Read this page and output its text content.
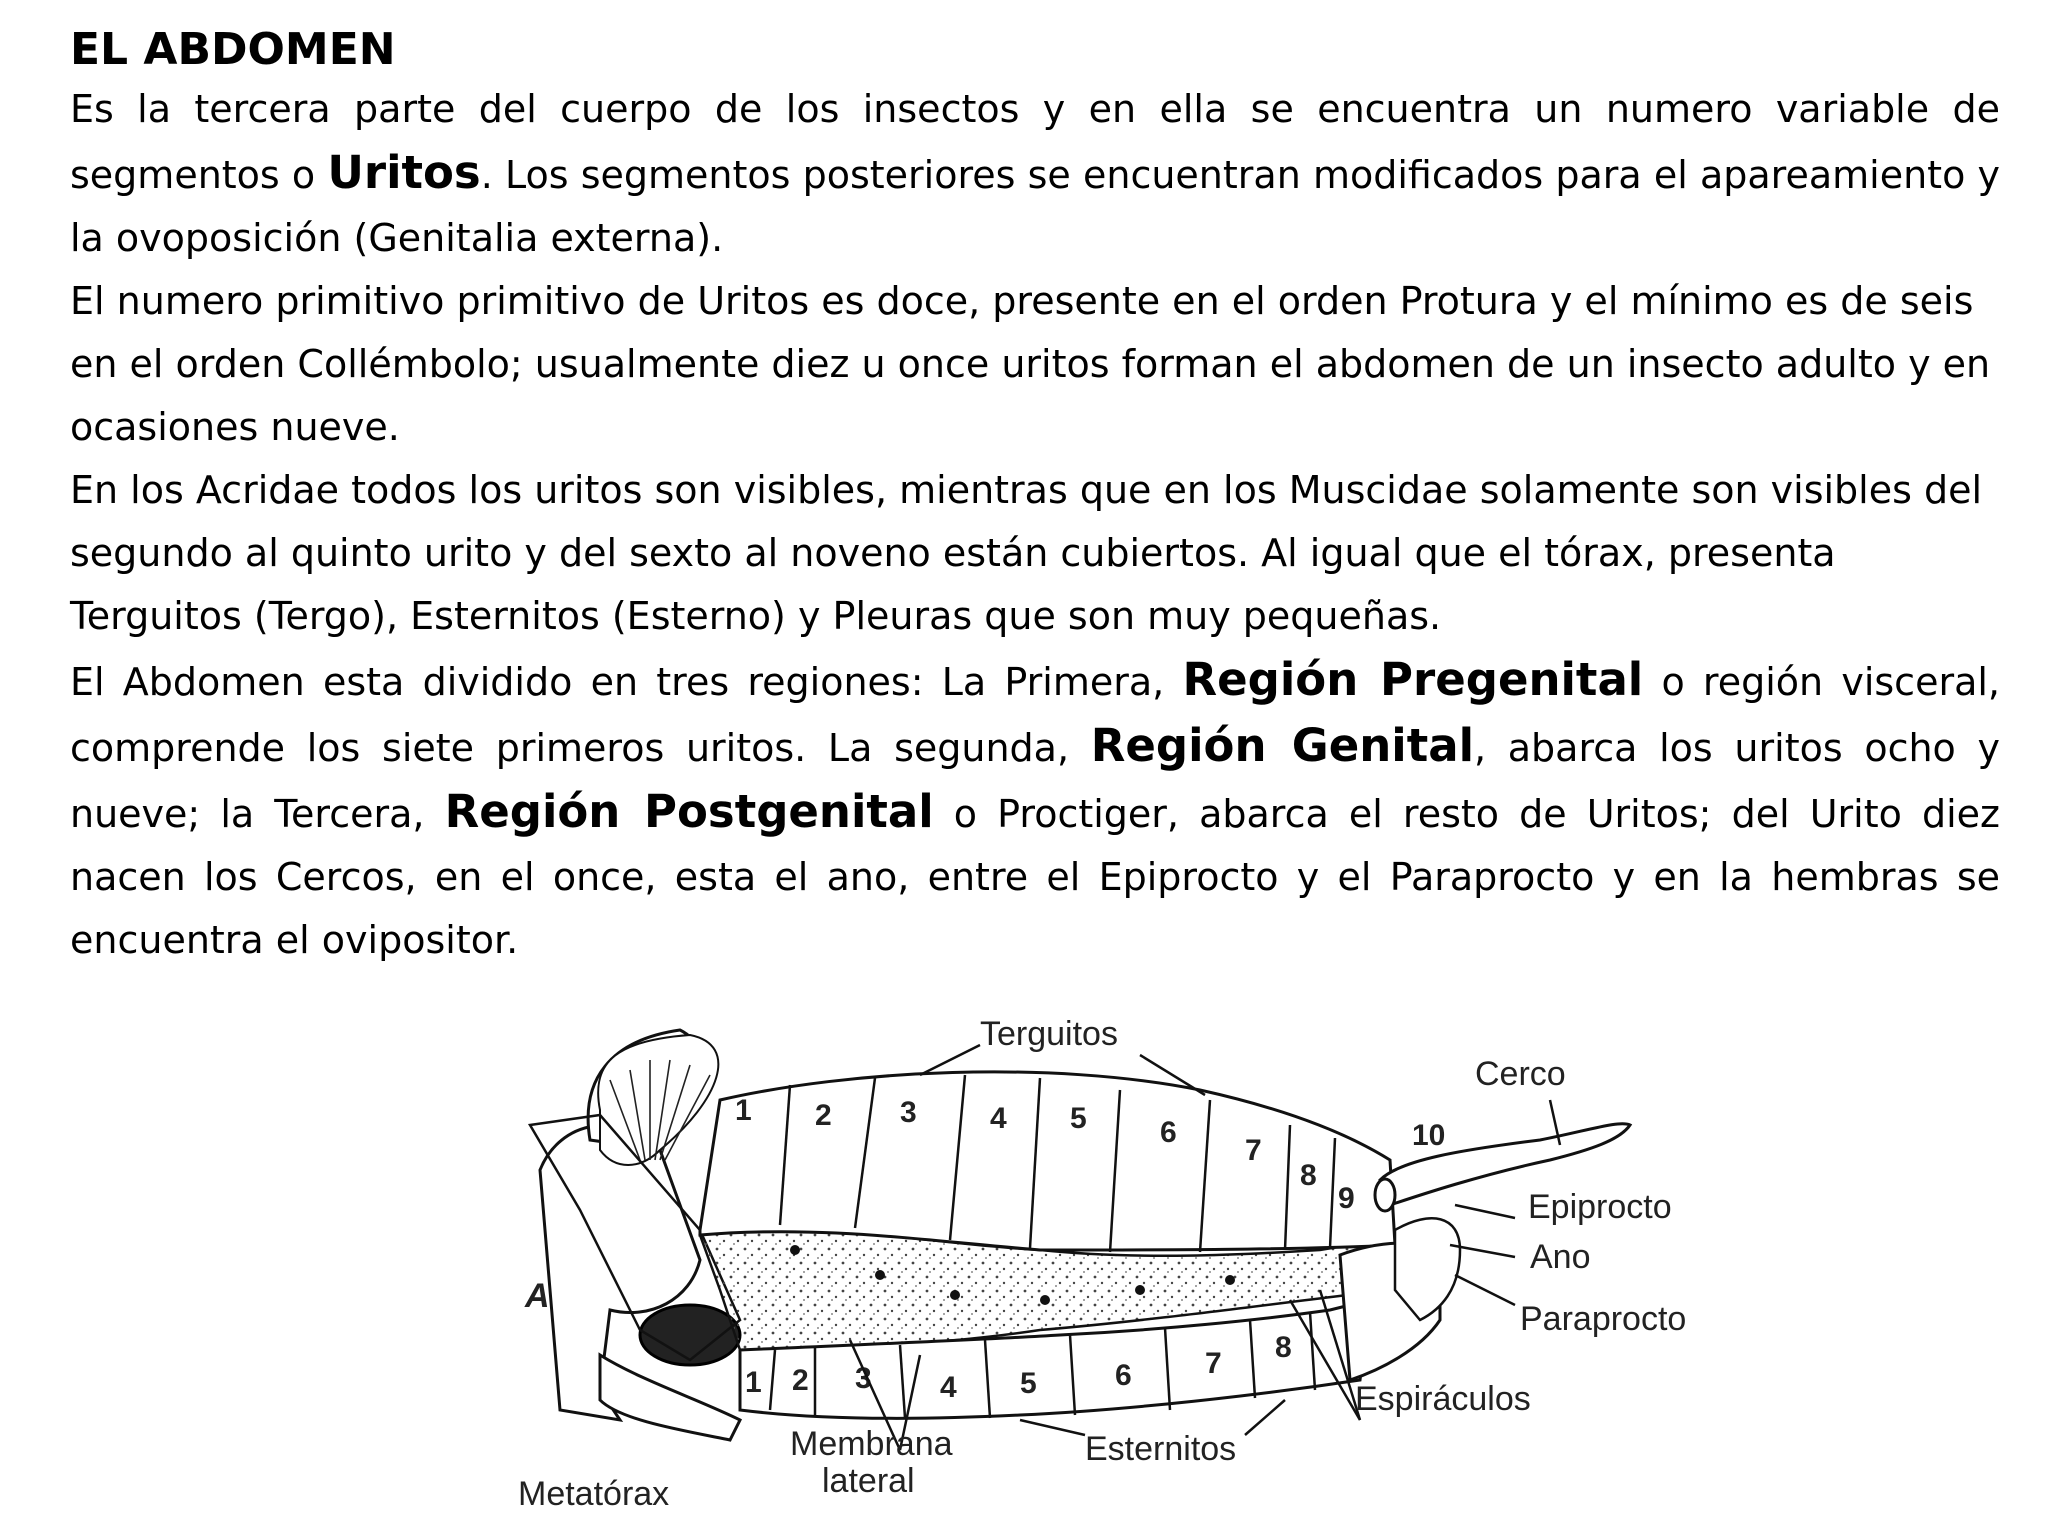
EL ABDOMEN

Es la tercera parte del cuerpo de los insectos y en ella se encuentra un numero variable de segmentos o Uritos. Los segmentos posteriores se encuentran modificados para el apareamiento y la ovoposición (Genitalia externa).

El numero primitivo primitivo de Uritos es doce, presente en el orden Protura y el mínimo es de seis en el orden Collémbolo; usualmente diez u once uritos forman el abdomen de un insecto adulto y en ocasiones nueve.

En los Acridae todos los uritos son visibles, mientras que en los Muscidae solamente son visibles del segundo al quinto urito y del sexto al noveno están cubiertos. Al igual que el tórax, presenta Terguitos (Tergo), Esternitos (Esterno) y Pleuras que son muy pequeñas.

El Abdomen esta dividido en tres regiones: La Primera, Región Pregenital o región visceral, comprende los siete primeros uritos. La segunda, Región Genital, abarca los uritos ocho y nueve; la Tercera, Región Postgenital o Proctiger, abarca el resto de Uritos; del Urito diez nacen los Cercos, en el once, esta el ano, entre el Epiprocto y el Paraprocto y en la hembras se encuentra el ovipositor.

1 2 3 4 5 6
7
8
9
10
1 2 3 4 5	6 7 8
Terguitos
Cerco
Epiprocto
Ano
Paraprocto
Espiráculos
Esternitos
Membrana
lateral
Metatórax
A
